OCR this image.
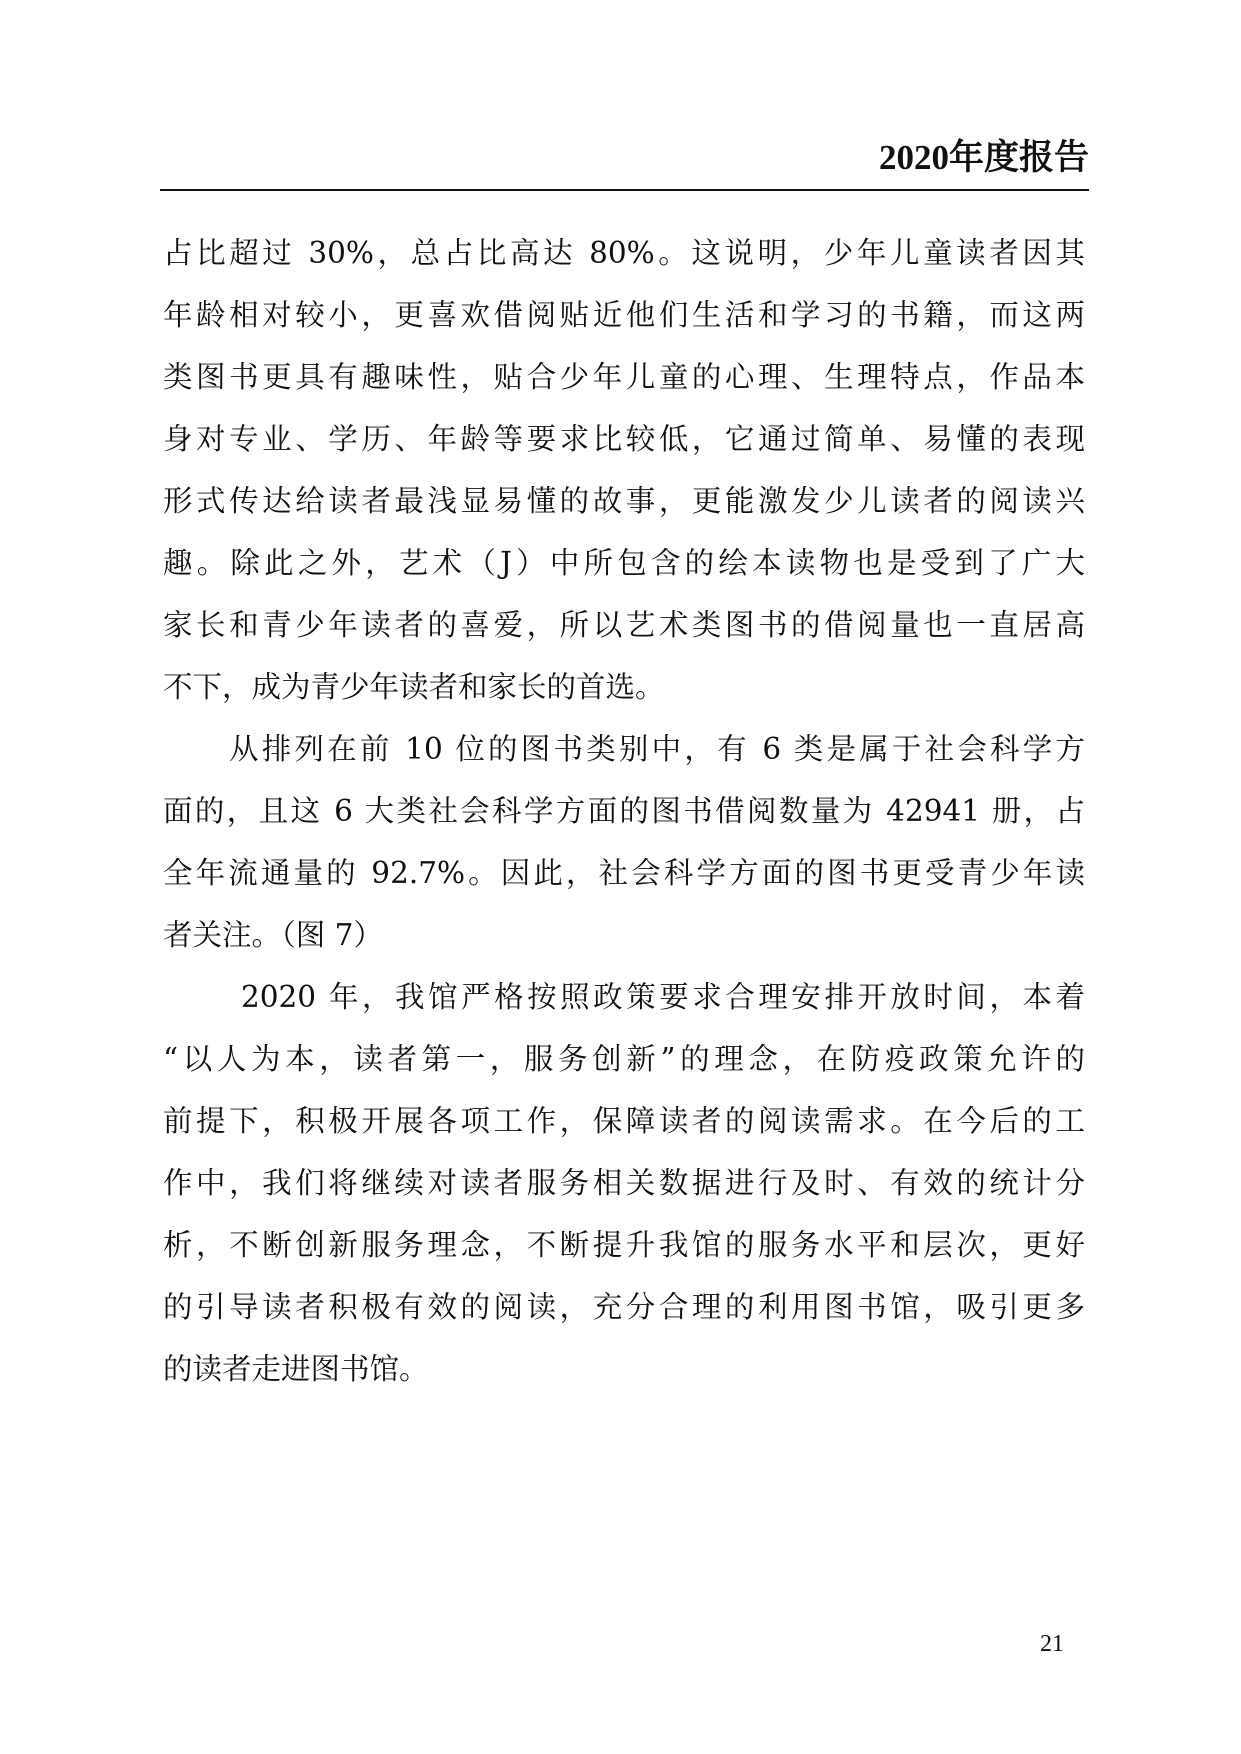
2020年度报告
占比超过 30%，总占比高达 80%。这说明，少年儿童读者因其
年龄相对较小，更喜欢借阅贴近他们生活和学习的书籍，而这两
类图书更具有趣味性，贴合少年儿童的心理、生理特点，作品本
身对专业、学历、年龄等要求比较低，它通过简单、易懂的表现
形式传达给读者最浅显易懂的故事，更能激发少儿读者的阅读兴
趣。除此之外，艺术（J）中所包含的绘本读物也是受到了广大
家长和青少年读者的喜爱，所以艺术类图书的借阅量也一直居高
不下，成为青少年读者和家长的首选。
从排列在前 10 位的图书类别中，有 6 类是属于社会科学方
面的，且这 6 大类社会科学方面的图书借阅数量为 42941 册，占
全年流通量的 92.7%。因此，社会科学方面的图书更受青少年读
者关注。（图 7）
2020 年，我馆严格按照政策要求合理安排开放时间，本着
“以人为本，读者第一，服务创新”的理念，在防疫政策允许的
前提下，积极开展各项工作，保障读者的阅读需求。在今后的工
作中，我们将继续对读者服务相关数据进行及时、有效的统计分
析，不断创新服务理念，不断提升我馆的服务水平和层次，更好
的引导读者积极有效的阅读，充分合理的利用图书馆，吸引更多
的读者走进图书馆。
21
